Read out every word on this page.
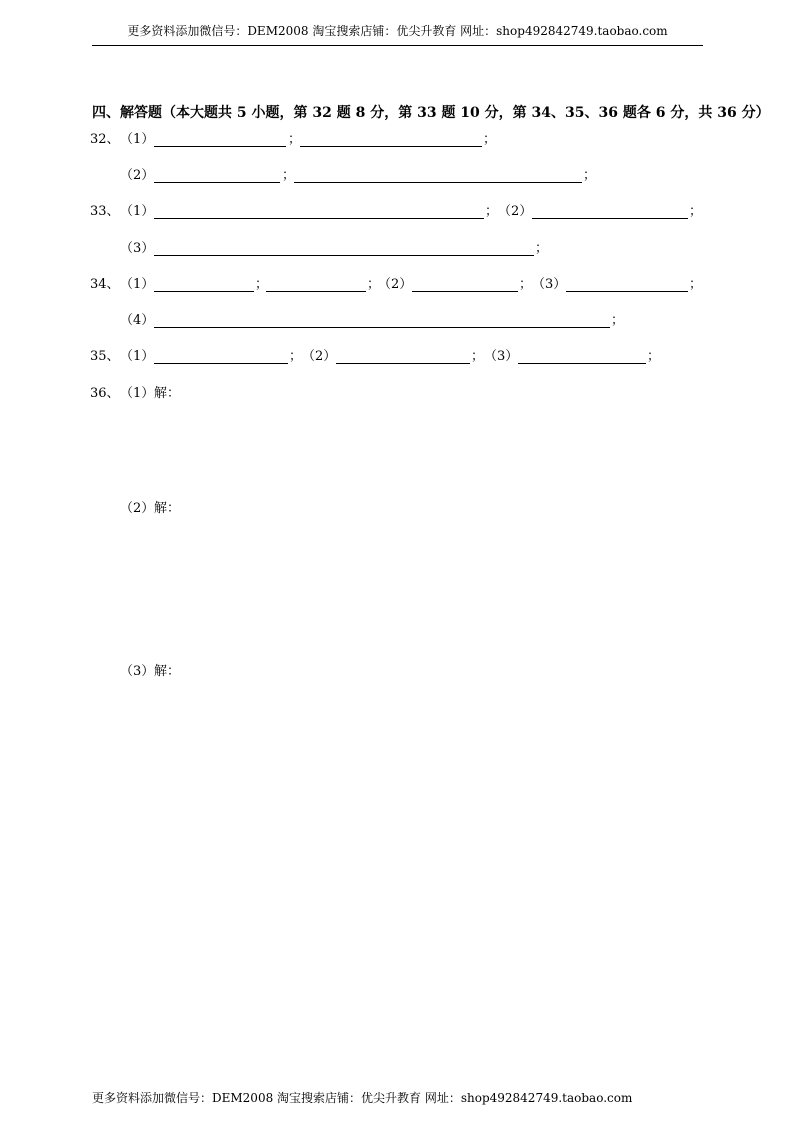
更多资料添加微信号：DEM2008 淘宝搜索店铺：优尖升教育 网址：shop492842749.taobao.com
四、解答题（本大题共 5 小题，第 32 题 8 分，第 33 题 10 分，第 34、35、36 题各 6 分，共 36 分）
32、 （1）	；	；
（2）	；	；
33、 （1）	； （2）	；
（3）	；
34、 （1）	；	；
（2）	； （3）	；
（4）	；
35、 （1）	； （2）	； （3）	；
36、 （1） 解：
（2） 解：
（3） 解：
更多资料添加微信号：DEM2008 淘宝搜索店铺：优尖升教育 网址：shop492842749.taobao.com
